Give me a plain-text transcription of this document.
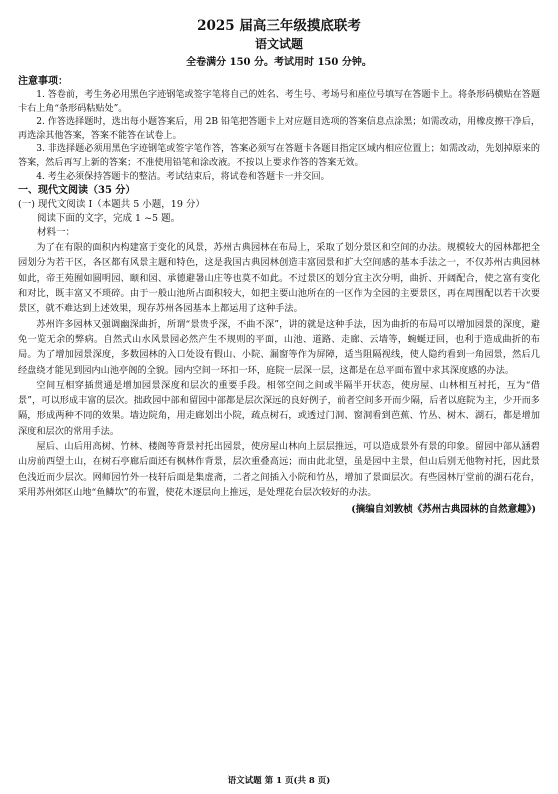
2025 届高三年级摸底联考
语文试题
全卷满分 150 分。考试用时 150 分钟。
注意事项：

1. 答卷前，考生务必用黑色字迹钢笔或签字笔将自己的姓名、考生号、考场号和座位号填写在答题卡上。将条形码横贴在答题卡右上角“条形码粘贴处”。

2. 作答选择题时，选出每小题答案后，用 2B 铅笔把答题卡上对应题目选项的答案信息点涂黑；如需改动，用橡皮擦干净后，再选涂其他答案，答案不能答在试卷上。

3. 非选择题必须用黑色字迹钢笔或签字笔作答，答案必须写在答题卡各题目指定区域内相应位置上；如需改动，先划掉原来的答案，然后再写上新的答案；不准使用铅笔和涂改液。不按以上要求作答的答案无效。

4. 考生必须保持答题卡的整洁。考试结束后，将试卷和答题卡一并交回。

一、现代文阅读（35 分）
(一) 现代文阅读 Ⅰ（本题共 5 小题，19 分）
阅读下面的文字，完成 1 ~5 题。
材料一：

为了在有限的面积内构建富于变化的风景，苏州古典园林在布局上，采取了划分景区和空间的办法。规模较大的园林都把全园划分为若干区，各区都有风景主题和特色，这是我国古典园林创造丰富园景和扩大空间感的基本手法之一，不仅苏州古典园林如此，帝王苑囿如圆明园、颐和园、承德避暑山庄等也莫不如此。不过景区的划分宜主次分明，曲折、开阔配合，使之富有变化和对比，既丰富又不琐碎。由于一般山池所占面积较大，如把主要山池所在的一区作为全园的主要景区，再在周围配以若干次要景区，就不难达到上述效果，现存苏州各园基本上都运用了这种手法。

苏州许多园林又强调幽深曲折，所谓“景贵乎深，不曲不深”，讲的就是这种手法，因为曲折的布局可以增加园景的深度，避免一览无余的弊病。自然式山水风景园必然产生不规则的平面，山池、道路、走廊、云墙等，蜿蜒迂回，也利于造成曲折的布局。为了增加园景深度，多数园林的入口处设有假山、小院、漏窗等作为屏障，适当阻隔视线，使人隐约看到一角园景，然后几经盘绕才能见到园内山池亭阁的全貌。园内空间一环扣一环，庭院一层深一层，这都是在总平面布置中求其深度感的办法。

空间互相穿插贯通是增加园景深度和层次的重要手段。相邻空间之间或半隔半开状态，使房屋、山林相互衬托，互为“借景”，可以形成丰富的层次。拙政园中部和留园中部都是层次深远的良好例子，前者空间多开而少隔，后者以庭院为主，少开而多隔，形成两种不同的效果。墙边院角，用走廊划出小院，疏点树石，或透过门洞、窗洞看到芭蕉、竹丛、树木、湖石，都是增加深度和层次的常用手法。

屋后、山后用高树、竹林、楼阁等背景衬托出园景，使房屋山林向上层层推远，可以造成景外有景的印象。留园中部从涵碧山房前西望土山，在树石亭廊后面还有枫林作背景，层次重叠高远；而由此北望，虽是园中主景，但山后别无他物衬托，因此景色浅近而少层次。网师园竹外一枝轩后面是集虚斋，二者之间插入小院和竹丛，增加了景面层次。有些园林厅堂前的湖石花台，采用苏州郊区山地“鱼鳞坎”的布置，使花木逐层向上推远，是处理花台层次较好的办法。

(摘编自刘敦桢《苏州古典园林的自然意趣》)
语文试题 第 1 页(共 8 页)
